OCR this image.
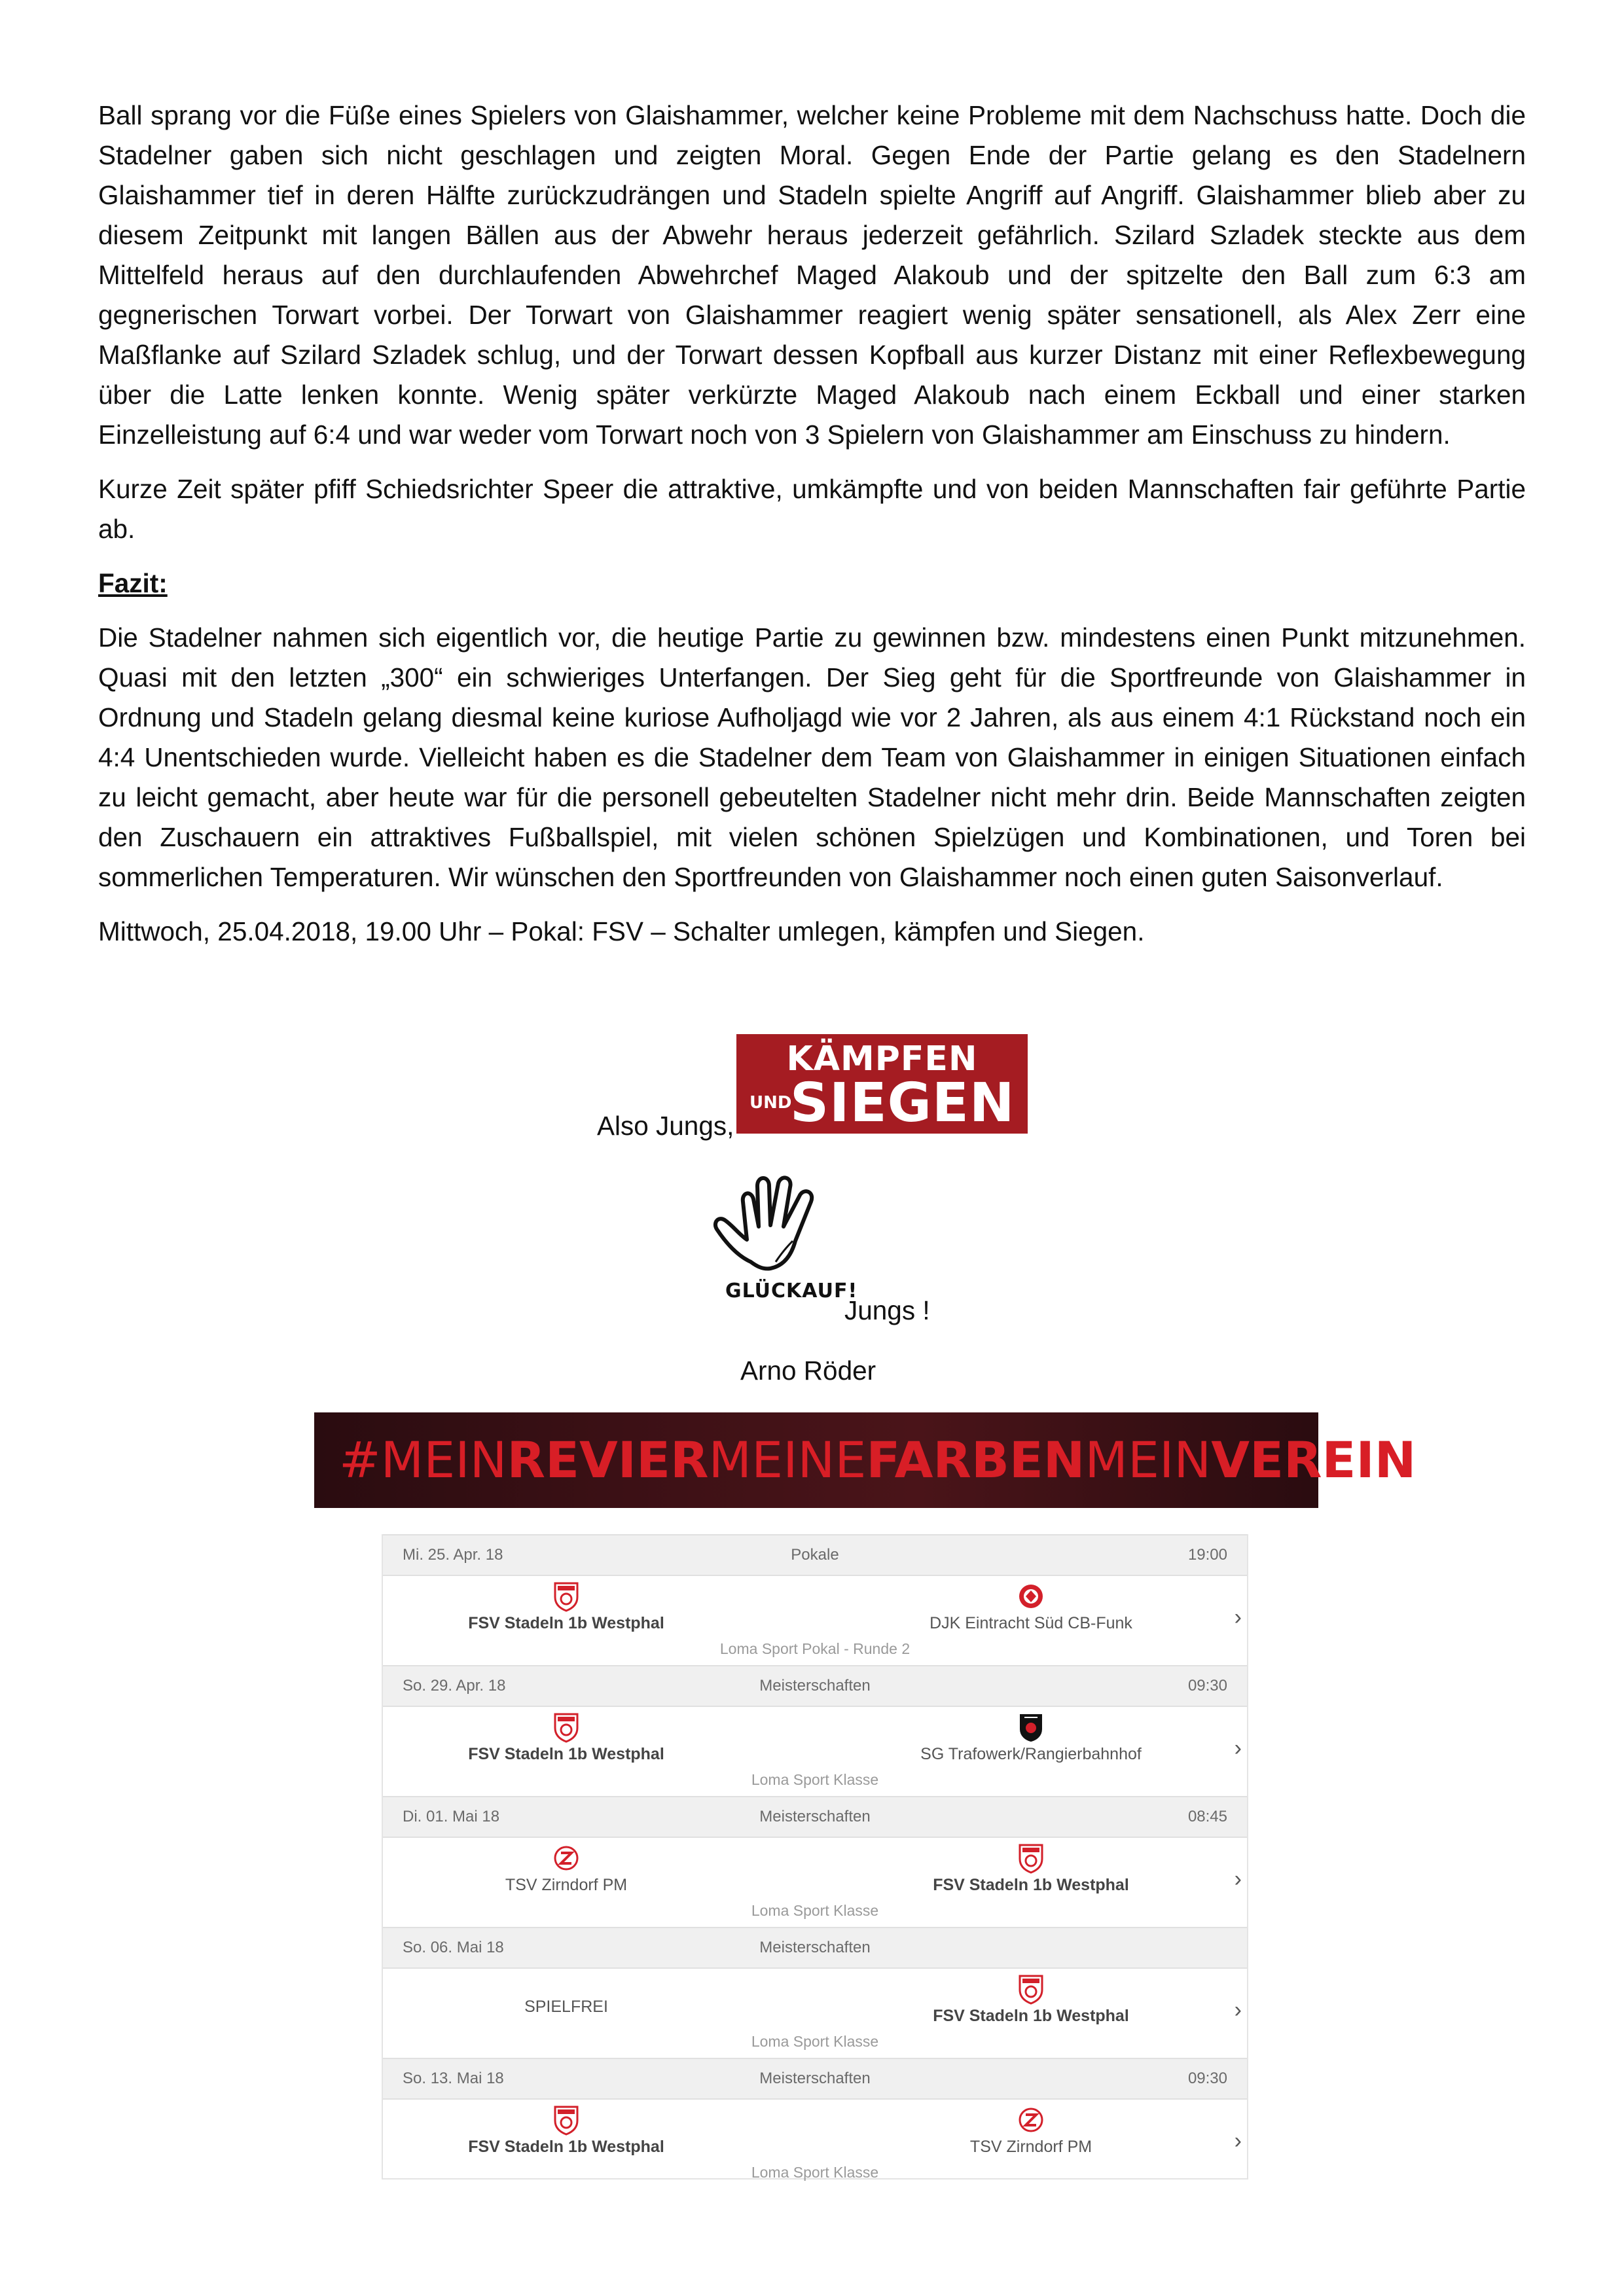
Ball sprang vor die Füße eines Spielers von Glaishammer, welcher keine Probleme mit dem Nachschuss hatte. Doch die Stadelner gaben sich nicht geschlagen und zeigten Moral. Gegen Ende der Partie gelang es den Stadelnern Glaishammer tief in deren Hälfte zurückzudrängen und Stadeln spielte Angriff auf Angriff. Glaishammer blieb aber zu diesem Zeitpunkt mit langen Bällen aus der Abwehr heraus jederzeit gefährlich. Szilard Szladek steckte aus dem Mittelfeld heraus auf den durchlaufenden Abwehrchef Maged Alakoub und der spitzelte den Ball zum 6:3 am gegnerischen Torwart vorbei. Der Torwart von Glaishammer reagiert wenig später sensationell, als Alex Zerr eine Maßflanke auf Szilard Szladek schlug, und der Torwart dessen Kopfball aus kurzer Distanz mit einer Reflexbewegung über die Latte lenken konnte. Wenig später verkürzte Maged Alakoub nach einem Eckball und einer starken Einzelleistung auf 6:4 und war weder vom Torwart noch von 3 Spielern von Glaishammer am Einschuss zu hindern.

Kurze Zeit später pfiff Schiedsrichter Speer die attraktive, umkämpfte und von beiden Mannschaften fair geführte Partie ab.

Fazit:

Die Stadelner nahmen sich eigentlich vor, die heutige Partie zu gewinnen bzw. mindestens einen Punkt mitzunehmen. Quasi mit den letzten „300“ ein schwieriges Unterfangen. Der Sieg geht für die Sportfreunde von Glaishammer in Ordnung und Stadeln gelang diesmal keine kuriose Aufholjagd wie vor 2 Jahren, als aus einem 4:1 Rückstand noch ein 4:4 Unentschieden wurde. Vielleicht haben es die Stadelner dem Team von Glaishammer in einigen Situationen einfach zu leicht gemacht, aber heute war für die personell gebeutelten Stadelner nicht mehr drin. Beide Mannschaften zeigten den Zuschauern ein attraktives Fußballspiel, mit vielen schönen Spielzügen und Kombinationen, und Toren bei sommerlichen Temperaturen. Wir wünschen den Sportfreunden von Glaishammer noch einen guten Saisonverlauf.

Mittwoch, 25.04.2018, 19.00 Uhr – Pokal: FSV – Schalter umlegen, kämpfen und Siegen.

Also Jungs,
KÄMPFEN
UND
SIEGEN
GLÜCKAUF!
Jungs !
Arno Röder
#MEINREVIERMEINEFARBENMEINVEREIN
Mi. 25. Apr. 18	Pokale	19:00
FSV Stadeln 1b Westphal	DJK Eintracht Süd CB-Funk
Loma Sport Pokal - Runde 2
›
So. 29. Apr. 18	Meisterschaften	09:30
FSV Stadeln 1b Westphal	SG Trafowerk/Rangierbahnhof
Loma Sport Klasse
›
Di. 01. Mai 18	Meisterschaften	08:45
TSV Zirndorf PM	FSV Stadeln 1b Westphal
Loma Sport Klasse
›
So. 06. Mai 18	Meisterschaften
SPIELFREI	FSV Stadeln 1b Westphal
Loma Sport Klasse
›
So. 13. Mai 18	Meisterschaften	09:30
FSV Stadeln 1b Westphal	TSV Zirndorf PM
Loma Sport Klasse
›
